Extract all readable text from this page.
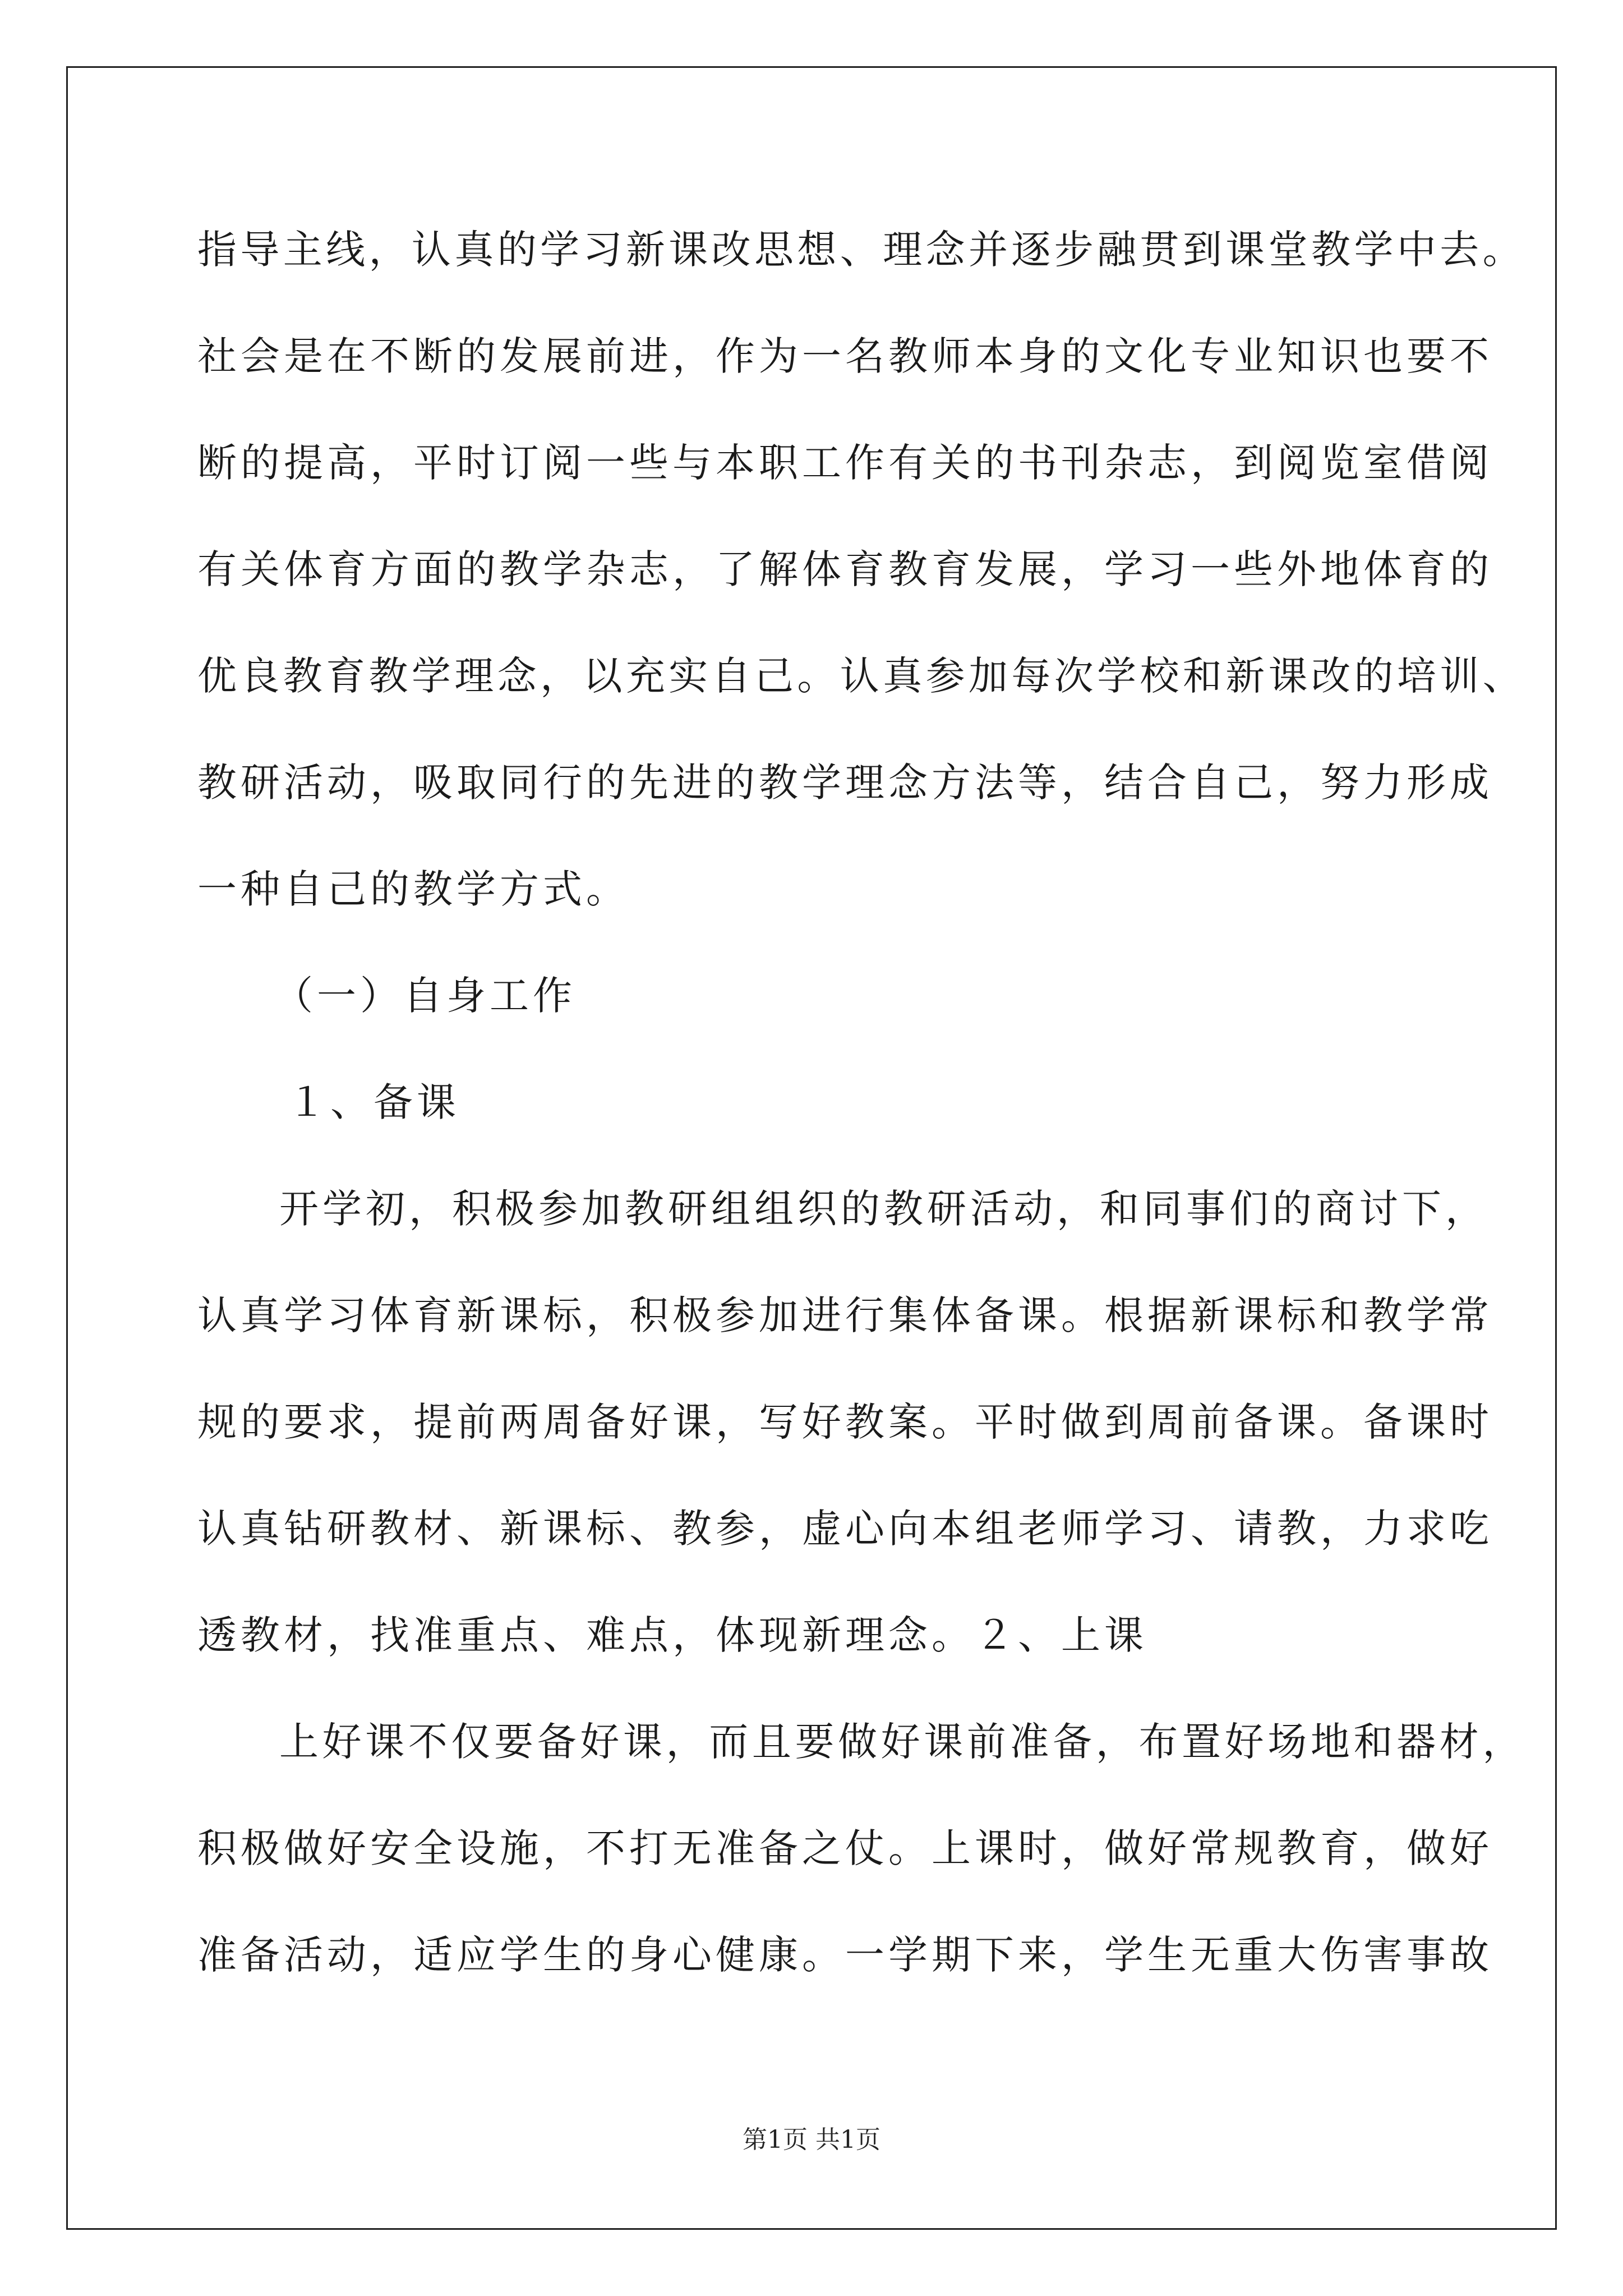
指导主线，认真的学习新课改思想、理念并逐步融贯到课堂教学中去。
社会是在不断的发展前进，作为一名教师本身的文化专业知识也要不
断的提高，平时订阅一些与本职工作有关的书刊杂志，到阅览室借阅
有关体育方面的教学杂志，了解体育教育发展，学习一些外地体育的
优良教育教学理念，以充实自己。认真参加每次学校和新课改的培训、
教研活动，吸取同行的先进的教学理念方法等，结合自己，努力形成
一种自己的教学方式。
（一）自身工作
１、备课
开学初，积极参加教研组组织的教研活动，和同事们的商讨下，
认真学习体育新课标，积极参加进行集体备课。根据新课标和教学常
规的要求，提前两周备好课，写好教案。平时做到周前备课。备课时
认真钻研教材、新课标、教参，虚心向本组老师学习、请教，力求吃
透教材，找准重点、难点，体现新理念。２、上课
上好课不仅要备好课，而且要做好课前准备，布置好场地和器材，
积极做好安全设施，不打无准备之仗。上课时，做好常规教育，做好
准备活动，适应学生的身心健康。一学期下来，学生无重大伤害事故
第1页 共1页
